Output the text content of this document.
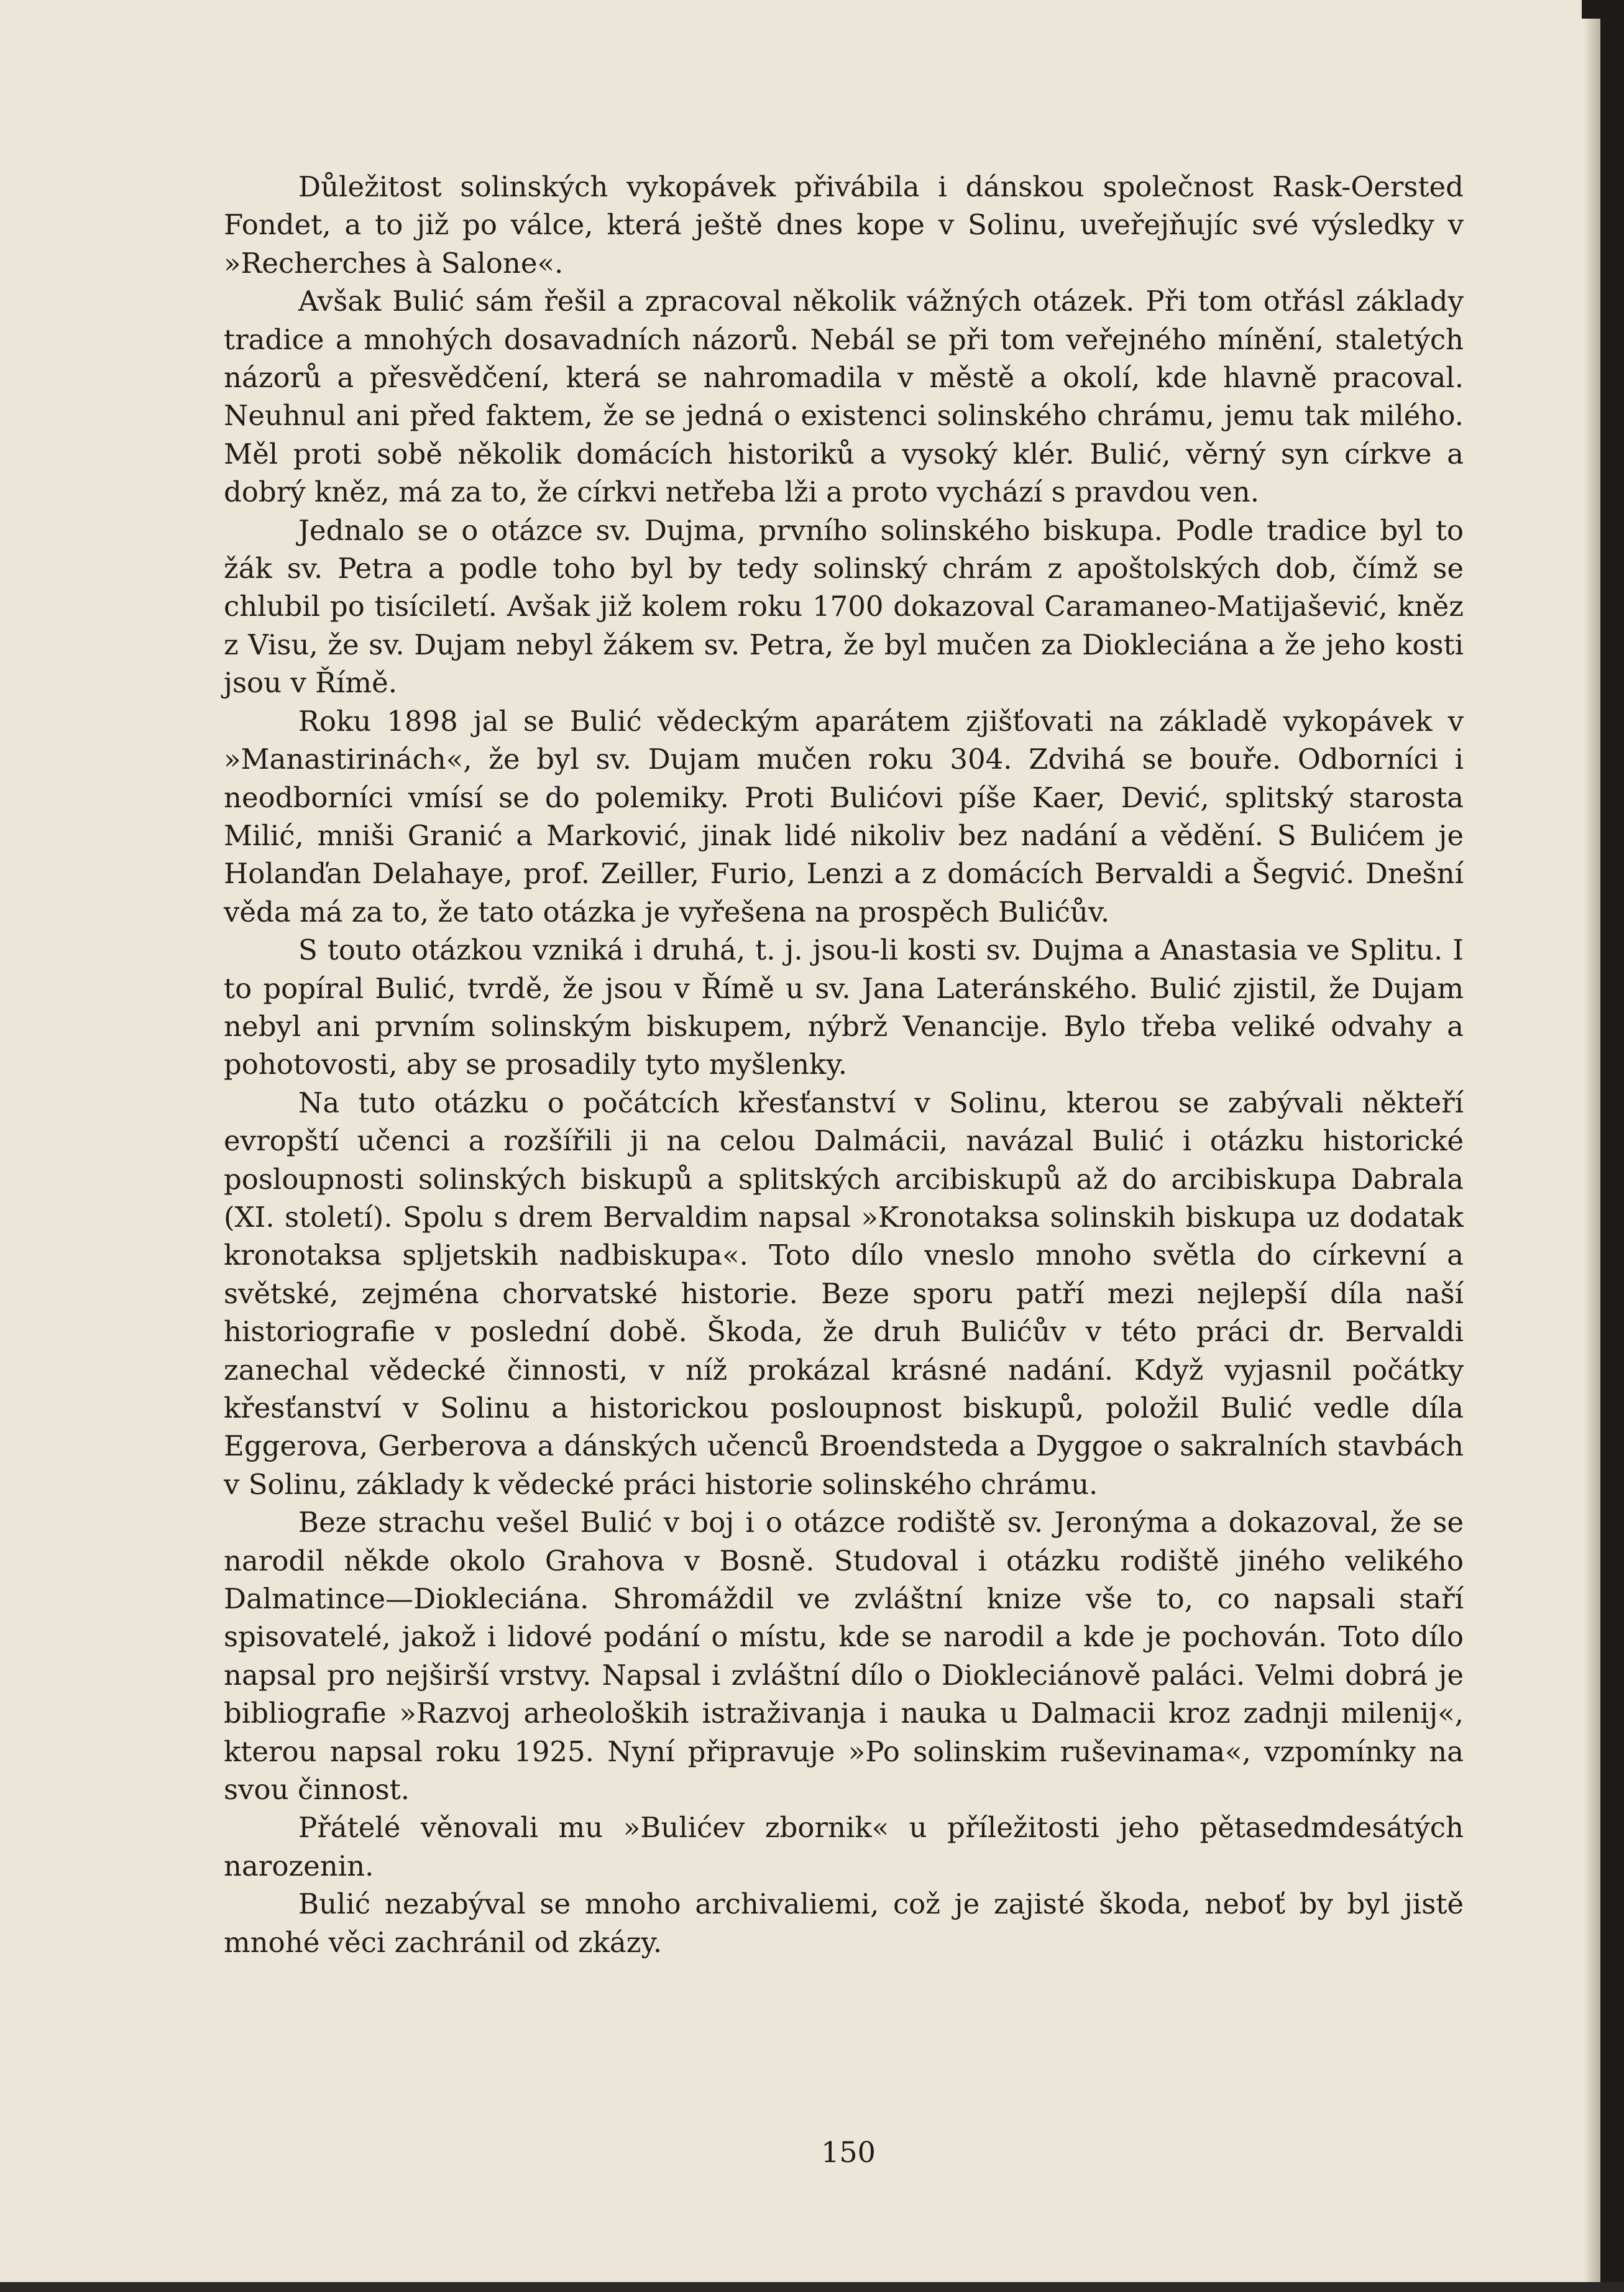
Důležitost solinských vykopávek přivábila i dánskou společnost Rask-Oersted Fondet, a to již po válce, která ještě dnes kope v Solinu, uveřejňujíc své výsledky v »Recherches à Salone«.

Avšak Bulić sám řešil a zpracoval několik vážných otázek. Při tom otřásl základy tradice a mnohých dosavadních názorů. Nebál se při tom veřejného mínění, staletých názorů a přesvědčení, která se nahromadila v městě a okolí, kde hlavně pracoval. Neuhnul ani před faktem, že se jedná o existenci solinského chrámu, jemu tak milého. Měl proti sobě několik domácích historiků a vysoký klér. Bulić, věrný syn církve a dobrý kněz, má za to, že církvi netřeba lži a proto vychází s pravdou ven.

Jednalo se o otázce sv. Dujma, prvního solinského biskupa. Podle tradice byl to žák sv. Petra a podle toho byl by tedy solinský chrám z apoštolských dob, čímž se chlubil po tisíciletí. Avšak již kolem roku 1700 dokazoval Caramaneo-Matijašević, kněz z Visu, že sv. Dujam nebyl žákem sv. Petra, že byl mučen za Diokleciána a že jeho kosti jsou v Římě.

Roku 1898 jal se Bulić vědeckým aparátem zjišťovati na základě vykopávek v »Manastirinách«, že byl sv. Dujam mučen roku 304. Zdvihá se bouře. Odborníci i neodborníci vmísí se do polemiky. Proti Bulićovi píše Kaer, Dević, splitský starosta Milić, mniši Granić a Marković, jinak lidé nikoliv bez nadání a vědění. S Bulićem je Holanďan Delahaye, prof. Zeiller, Furio, Lenzi a z domácích Bervaldi a Šegvić. Dnešní věda má za to, že tato otázka je vyřešena na prospěch Bulićův.

S touto otázkou vzniká i druhá, t. j. jsou-li kosti sv. Dujma a Anastasia ve Splitu. I to popíral Bulić, tvrdě, že jsou v Římě u sv. Jana Lateránského. Bulić zjistil, že Dujam nebyl ani prvním solinským biskupem, nýbrž Venancije. Bylo třeba veliké odvahy a pohotovosti, aby se prosadily tyto myšlenky.

Na tuto otázku o počátcích křesťanství v Solinu, kterou se zabývali někteří evropští učenci a rozšířili ji na celou Dalmácii, navázal Bulić i otázku historické posloupnosti solinských biskupů a splitských arcibiskupů až do arcibiskupa Dabrala (XI. století). Spolu s drem Bervaldim napsal »Kronotaksa solinskih biskupa uz dodatak kronotaksa spljetskih nadbiskupa«. Toto dílo vneslo mnoho světla do církevní a světské, zejména chorvatské historie. Beze sporu patří mezi nejlepší díla naší historiografie v poslední době. Škoda, že druh Bulićův v této práci dr. Bervaldi zanechal vědecké činnosti, v níž prokázal krásné nadání. Když vyjasnil počátky křesťanství v Solinu a historickou posloupnost biskupů, položil Bulić vedle díla Eggerova, Gerberova a dánských učenců Broendsteda a Dyggoe o sakralních stavbách v Solinu, základy k vědecké práci historie solinského chrámu.

Beze strachu vešel Bulić v boj i o otázce rodiště sv. Jeronýma a dokazoval, že se narodil někde okolo Grahova v Bosně. Studoval i otázku rodiště jiného velikého Dalmatince—Diokleciána. Shromáždil ve zvláštní knize vše to, co napsali staří spisovatelé, jakož i lidové podání o místu, kde se narodil a kde je pochován. Toto dílo napsal pro nejširší vrstvy. Napsal i zvláštní dílo o Diokleciánově paláci. Velmi dobrá je bibliografie »Razvoj arheoloških istraživanja i nauka u Dalmacii kroz zadnji milenij«, kterou napsal roku 1925. Nyní připravuje »Po solinskim ruševinama«, vzpomínky na svou činnost.

Přátelé věnovali mu »Bulićev zbornik« u příležitosti jeho pětasedmdesátých narozenin.

Bulić nezabýval se mnoho archivaliemi, což je zajisté škoda, neboť by byl jistě mnohé věci zachránil od zkázy.

150
